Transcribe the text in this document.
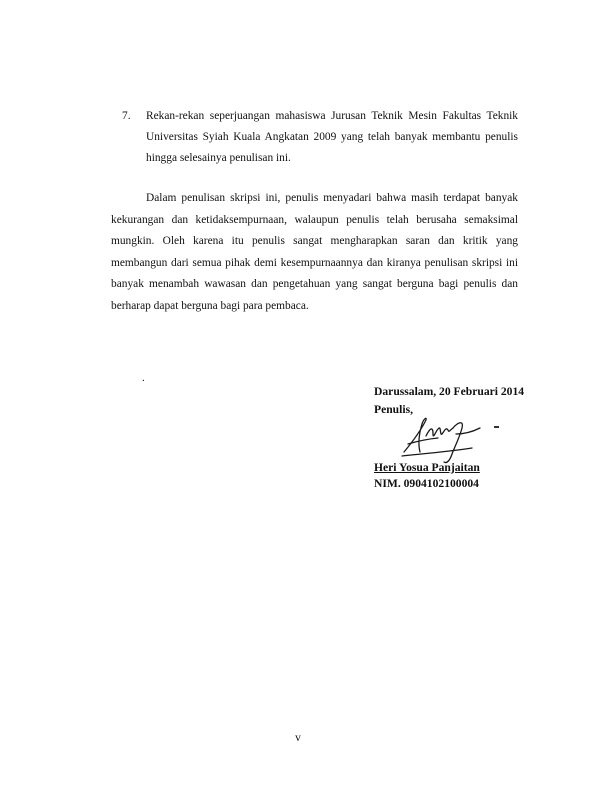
7.	Rekan-rekan seperjuangan mahasiswa Jurusan Teknik Mesin Fakultas Teknik Universitas Syiah Kuala Angkatan 2009 yang telah banyak membantu penulis hingga selesainya penulisan ini.

Dalam penulisan skripsi ini, penulis menyadari bahwa masih terdapat banyak kekurangan dan ketidaksempurnaan, walaupun penulis telah berusaha semaksimal mungkin. Oleh karena itu penulis sangat mengharapkan saran dan kritik yang membangun dari semua pihak demi kesempurnaannya dan kiranya penulisan skripsi ini banyak menambah wawasan dan pengetahuan yang sangat berguna bagi penulis dan berharap dapat berguna bagi para pembaca.

.
Darussalam, 20 Februari 2014
Penulis,
Heri Yosua Panjaitan
NIM. 0904102100004
v
